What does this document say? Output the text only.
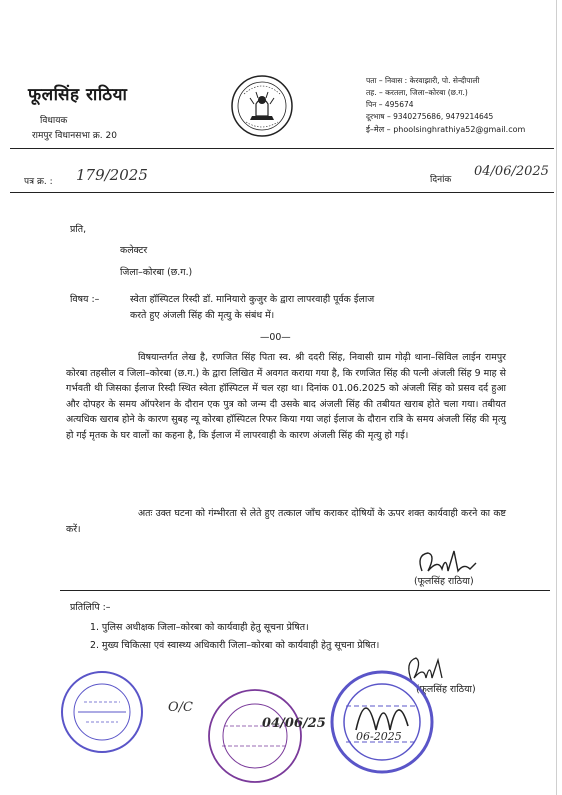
फूलसिंह राठिया
विधायक
रामपुर विधानसभा क्र. 20
पता – निवास : केरवाझारी, पो. सेन्दीपाली
तह. – करतला, जिला–कोरबा (छ.ग.)
पिन – 495674
दूरभाष – 9340275686, 9479214645
ई–मेल – phoolsinghrathiya52@gmail.com
पत्र क्र. : 179/2025	दिनांक
04/06/2025
प्रति,
कलेक्टर
जिला–कोरबा (छ.ग.)
विषय :–	स्वेता हॉस्पिटल रिस्दी डॉ. मानियारो कुजुर के द्वारा लापरवाही पूर्वक ईलाज
करते हुए अंजली सिंह की मृत्यु के संबंध में।
—00—
विषयान्तर्गत लेख है, रणजित सिंह पिता स्व. श्री ददरी सिंह, निवासी ग्राम गोढ़ी थाना–सिविल लाईन रामपुर कोरबा तहसील व जिला–कोरबा (छ.ग.) के द्वारा लिखित में अवगत कराया गया है, कि रणजित सिंह की पत्नी अंजली सिंह 9 माह से गर्भवती थी जिसका ईलाज रिस्दी स्थित स्वेता हॉस्पिटल में चल रहा था। दिनांक 01.06.2025 को अंजली सिंह को प्रसव दर्द हुआ और दोपहर के समय ऑपरेशन के दौरान एक पुत्र को जन्म दी उसके बाद अंजली सिंह की तबीयत खराब होते चला गया। तबीयत अत्यधिक खराब होने के कारण सुबह न्यू कोरबा हॉस्पिटल रिफर किया गया जहां ईलाज के दौरान रात्रि के समय अंजली सिंह की मृत्यु हो गई मृतक के घर वालों का कहना है, कि ईलाज में लापरवाही के कारण अंजली सिंह की मृत्यु हो गई।
अतः उक्त घटना को गंम्भीरता से लेते हुए तत्काल जाँच कराकर दोषियों के ऊपर शक्त कार्यवाही करने का कष्ट करें।
(फूलसिंह राठिया)
प्रतिलिपि :–
1. पुलिस अधीक्षक जिला–कोरबा को कार्यवाही हेतु सूचना प्रेषित।
2. मुख्य चिकित्सा एवं स्वास्थ्य अधिकारी जिला–कोरबा को कार्यवाही हेतु सूचना प्रेषित।
(फूलसिंह राठिया)
O/C
04/06/25
06-2025
